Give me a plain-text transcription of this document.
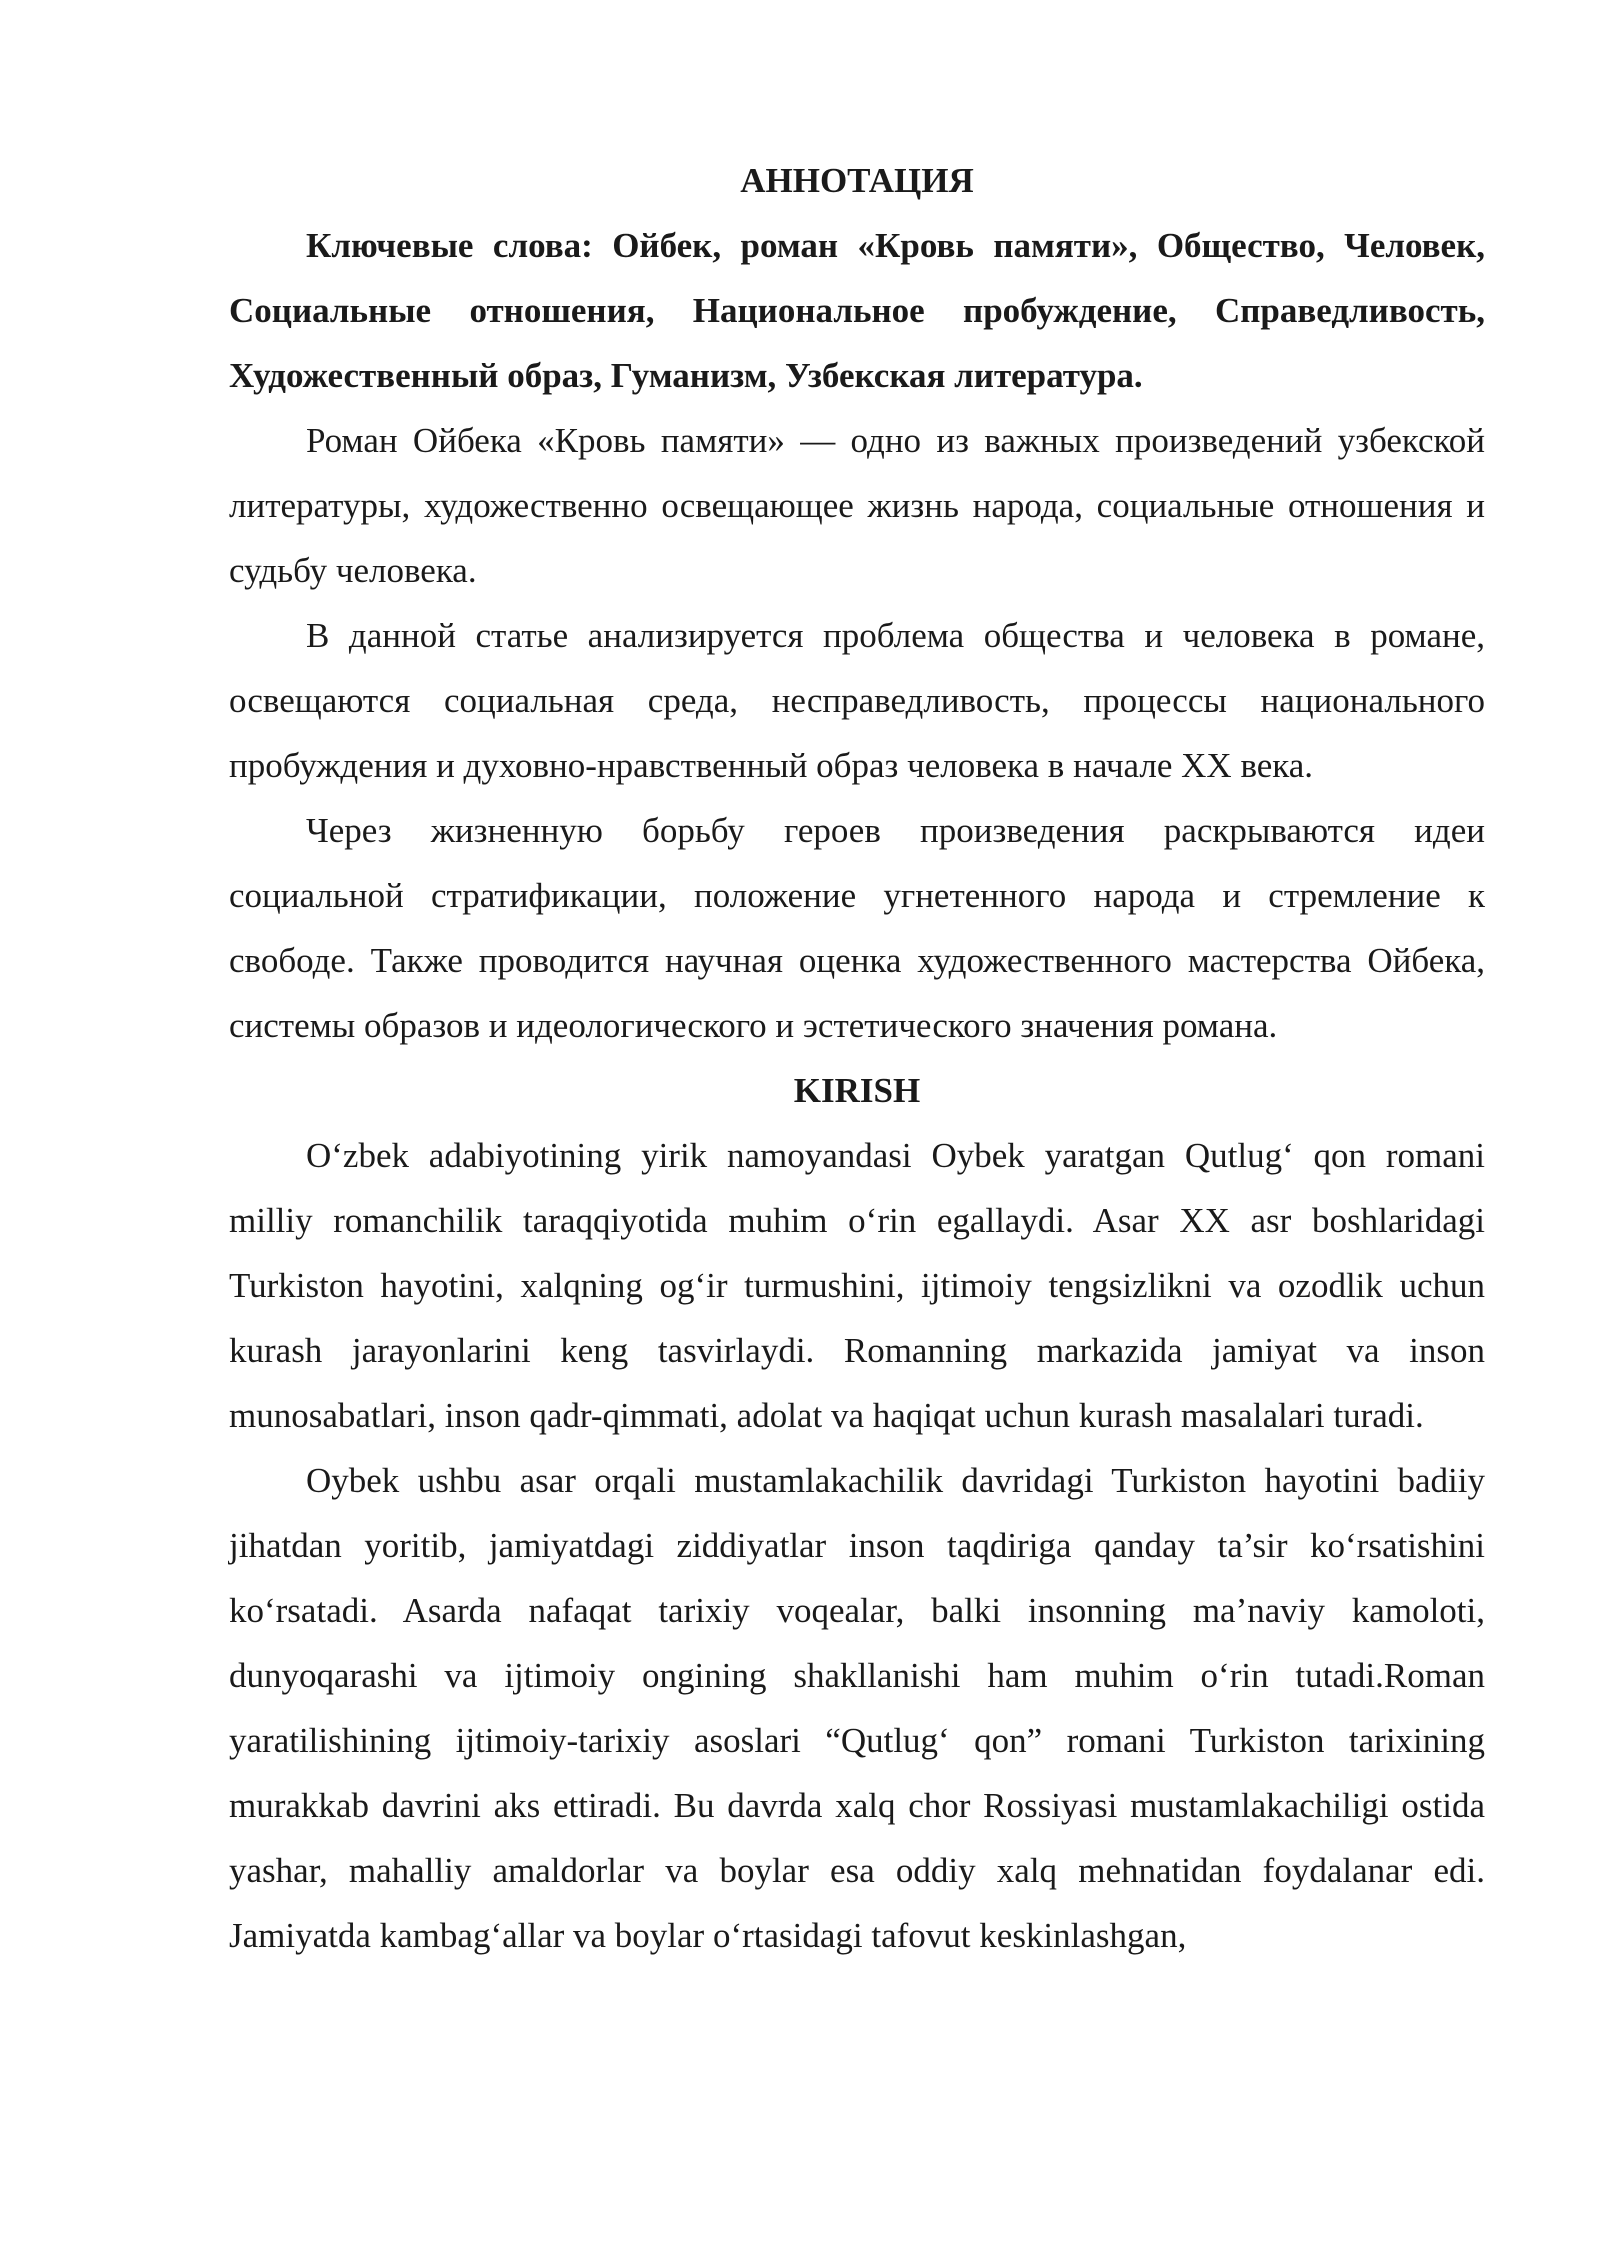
АННОТАЦИЯ

Ключевые слова: Ойбек, роман «Кровь памяти», Общество, Человек, Социальные отношения, Национальное пробуждение, Справедливость, Художественный образ, Гуманизм, Узбекская литература.

Роман Ойбека «Кровь памяти» — одно из важных произведений узбекской литературы, художественно освещающее жизнь народа, социальные отношения и судьбу человека.

В данной статье анализируется проблема общества и человека в романе, освещаются социальная среда, несправедливость, процессы национального пробуждения и духовно-нравственный образ человека в начале XX века.

Через жизненную борьбу героев произведения раскрываются идеи социальной стратификации, положение угнетенного народа и стремление к свободе. Также проводится научная оценка художественного мастерства Ойбека, системы образов и идеологического и эстетического значения романа.

KIRISH

O‘zbek adabiyotining yirik namoyandasi Oybek yaratgan Qutlug‘ qon romani milliy romanchilik taraqqiyotida muhim o‘rin egallaydi. Asar XX asr boshlaridagi Turkiston hayotini, xalqning og‘ir turmushini, ijtimoiy tengsizlikni va ozodlik uchun kurash jarayonlarini keng tasvirlaydi. Romanning markazida jamiyat va inson munosabatlari, inson qadr-qimmati, adolat va haqiqat uchun kurash masalalari turadi.

Oybek ushbu asar orqali mustamlakachilik davridagi Turkiston hayotini badiiy jihatdan yoritib, jamiyatdagi ziddiyatlar inson taqdiriga qanday ta’sir ko‘rsatishini ko‘rsatadi. Asarda nafaqat tarixiy voqealar, balki insonning ma’naviy kamoloti, dunyoqarashi va ijtimoiy ongining shakllanishi ham muhim o‘rin tutadi.Roman yaratilishining ijtimoiy-tarixiy asoslari “Qutlug‘ qon” romani Turkiston tarixining murakkab davrini aks ettiradi. Bu davrda xalq chor Rossiyasi mustamlakachiligi ostida yashar, mahalliy amaldorlar va boylar esa oddiy xalq mehnatidan foydalanar edi. Jamiyatda kambag‘allar va boylar o‘rtasidagi tafovut keskinlashgan,
